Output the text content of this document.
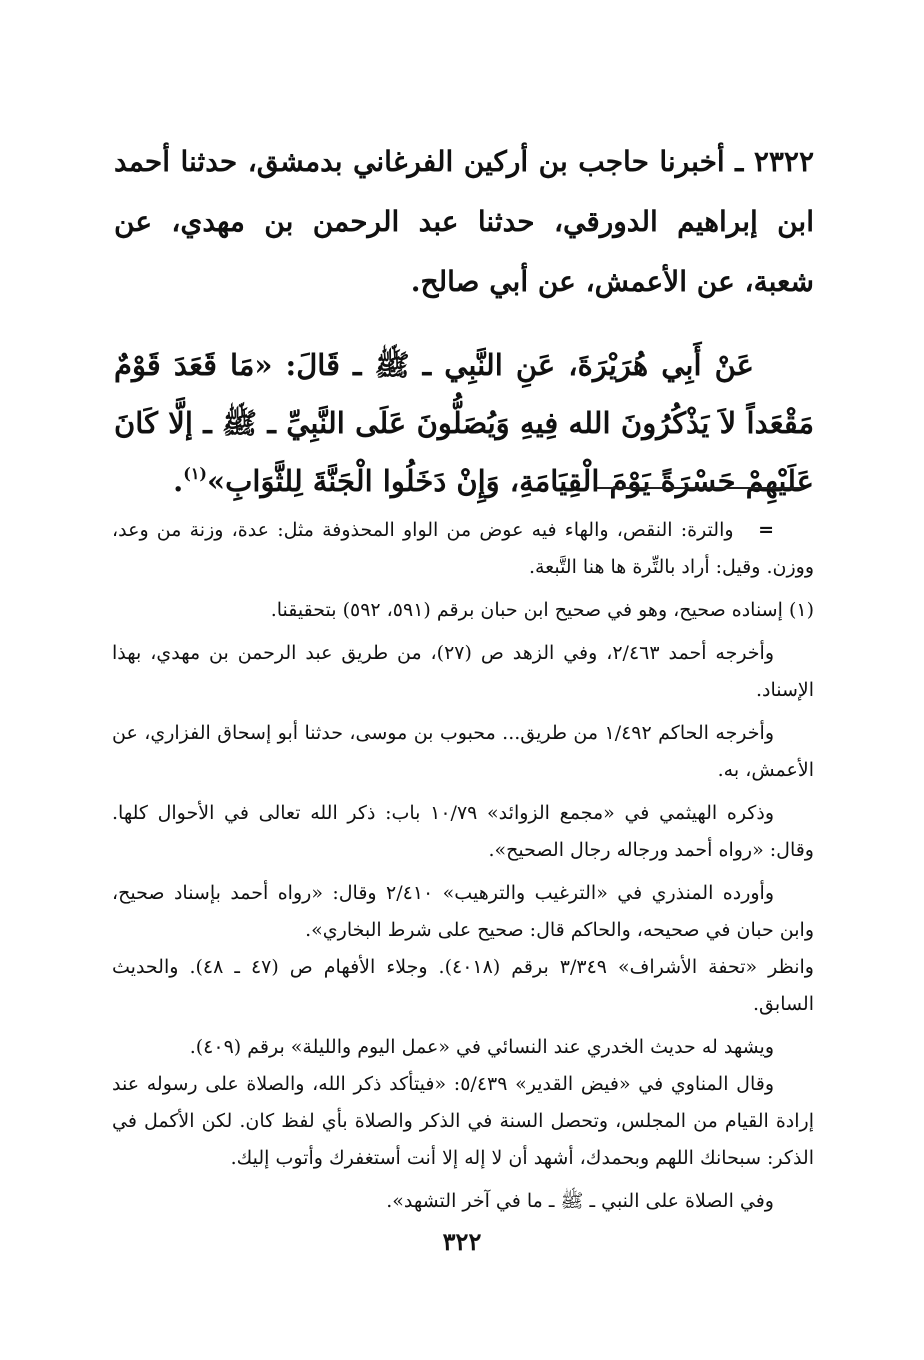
٢٣٢٢ ـ أخبرنا حاجب بن أركين الفرغاني بدمشق، حدثنا أحمد ابن إبراهيم الدورقي، حدثنا عبد الرحمن بن مهدي، عن شعبة، عن الأعمش، عن أبي صالح.

عَنْ أَبِي هُرَيْرَةَ، عَنِ النَّبِي ـ ﷺ ـ قَالَ: «مَا قَعَدَ قَوْمٌ مَقْعَداً لاَ يَذْكُرُونَ الله فِيهِ وَيُصَلُّونَ عَلَى النَّبِيِّ ـ ﷺ ـ إلَّا كَانَ عَلَيْهِمْ حَسْرَةً يَوْمَ الْقِيَامَةِ، وَإِنْ دَخَلُوا الْجَنَّةَ لِلثَّوَابِ»$^{(١)}$.

=   والترة: النقص، والهاء فيه عوض من الواو المحذوفة مثل: عدة، وزنة من وعد، ووزن. وقيل: أراد بالتِّرة ها هنا التَّبعة.

(١) إسناده صحيح، وهو في صحيح ابن حبان برقم (٥٩١، ٥٩٢) بتحقيقنا.

وأخرجه أحمد ٢/٤٦٣، وفي الزهد ص (٢٧)، من طريق عبد الرحمن بن مهدي، بهذا الإسناد.

وأخرجه الحاكم ١/٤٩٢ من طريق... محبوب بن موسى، حدثنا أبو إسحاق الفزاري، عن الأعمش، به.

وذكره الهيثمي في «مجمع الزوائد» ١٠/٧٩ باب: ذكر الله تعالى في الأحوال كلها. وقال: «رواه أحمد ورجاله رجال الصحيح».

وأورده المنذري في «الترغيب والترهيب» ٢/٤١٠ وقال: «رواه أحمد بإسناد صحيح، وابن حبان في صحيحه، والحاكم قال: صحيح على شرط البخاري».

وانظر «تحفة الأشراف» ٣/٣٤٩ برقم (٤٠١٨). وجلاء الأفهام ص (٤٧ ـ ٤٨). والحديث السابق.

ويشهد له حديث الخدري عند النسائي في «عمل اليوم والليلة» برقم (٤٠٩).

وقال المناوي في «فيض القدير» ٥/٤٣٩: «فيتأكد ذكر الله، والصلاة على رسوله عند إرادة القيام من المجلس، وتحصل السنة في الذكر والصلاة بأي لفظ كان. لكن الأكمل في الذكر: سبحانك اللهم وبحمدك، أشهد أن لا إله إلا أنت أستغفرك وأتوب إليك.

وفي الصلاة على النبي ـ ﷺ ـ ما في آخر التشهد».

٣٢٢
